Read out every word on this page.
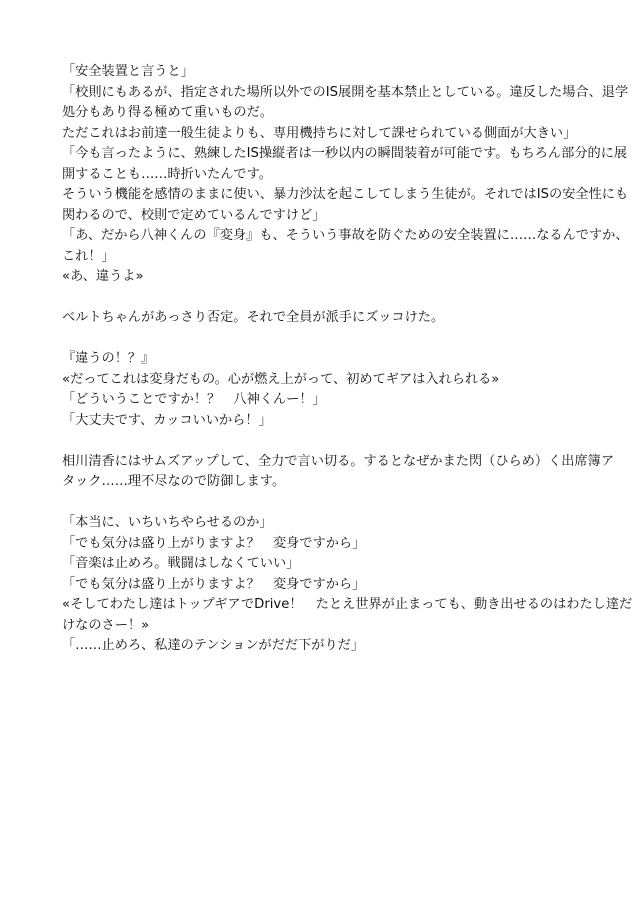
「安全装置と言うと」

「校則にもあるが、指定された場所以外でのIS展開を基本禁止としている。違反した場合、退学

処分もあり得る極めて重いものだ。

ただこれはお前達一般生徒よりも、専用機持ちに対して課せられている側面が大きい」

「今も言ったように、熟練したIS操縦者は一秒以内の瞬間装着が可能です。もちろん部分的に展

開することも……時折いたんです。

そういう機能を感情のままに使い、暴力沙汰を起こしてしまう生徒が。それではISの安全性にも

関わるので、校則で定めているんですけど」

「あ、だから八神くんの『変身』も、そういう事故を防ぐための安全装置に……なるんですか、

これ！」

«あ、違うよ»

ベルトちゃんがあっさり否定。それで全員が派手にズッコけた。

『違うの！？』

«だってこれは変身だもの。心が燃え上がって、初めてギアは入れられる»

「どういうことですか！？　八神くんー！」

「大丈夫です、カッコいいから！」

相川清香にはサムズアップして、全力で言い切る。するとなぜかまた閃（ひらめ）く出席簿ア

タック……理不尽なので防御します。

「本当に、いちいちやらせるのか」

「でも気分は盛り上がりますよ？　変身ですから」

「音楽は止めろ。戦闘はしなくていい」

「でも気分は盛り上がりますよ？　変身ですから」

«そしてわたし達はトップギアでDrive！　たとえ世界が止まっても、動き出せるのはわたし達だ

けなのさー！»

「……止めろ、私達のテンションがだだ下がりだ」
